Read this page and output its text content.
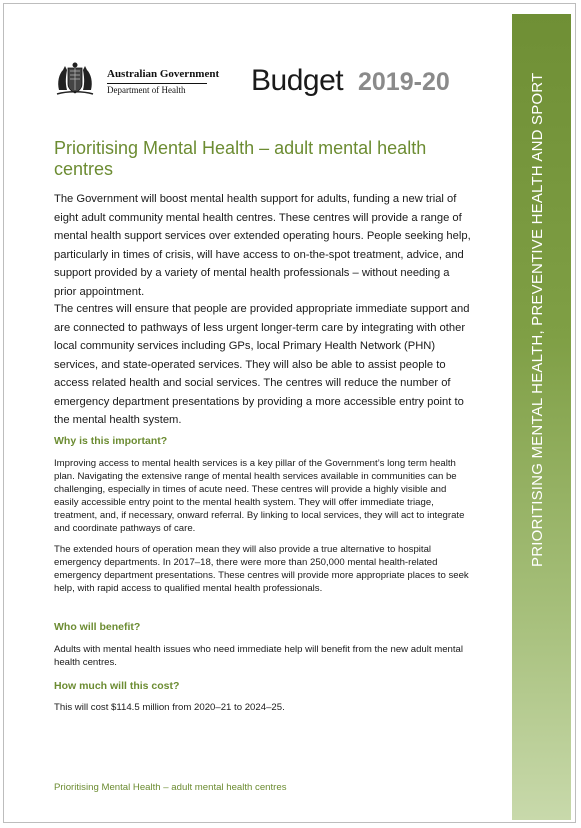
PRIORITISING MENTAL HEALTH, PREVENTIVE HEALTH AND SPORT
Australian Government
Department of Health Budget 2019-20
Prioritising Mental Health – adult mental health centres

The Government will boost mental health support for adults, funding a new trial of eight adult community mental health centres. These centres will provide a range of mental health support services over extended operating hours. People seeking help, particularly in times of crisis, will have access to on-the-spot treatment, advice, and support provided by a variety of mental health professionals – without needing a prior appointment.

The centres will ensure that people are provided appropriate immediate support and are connected to pathways of less urgent longer-term care by integrating with other local community services including GPs, local Primary Health Network (PHN) services, and state-operated services. They will also be able to assist people to access related health and social services. The centres will reduce the number of emergency department presentations by providing a more accessible entry point to the mental health system.

Why is this important?

Improving access to mental health services is a key pillar of the Government’s long term health plan. Navigating the extensive range of mental health services available in communities can be challenging, especially in times of acute need. These centres will provide a highly visible and easily accessible entry point to the mental health system. They will offer immediate triage, treatment, and, if necessary, onward referral. By linking to local services, they will act to integrate and coordinate pathways of care.

The extended hours of operation mean they will also provide a true alternative to hospital emergency departments. In 2017–18, there were more than 250,000 mental health-related emergency department presentations. These centres will provide more appropriate places to seek help, with rapid access to qualified mental health professionals.

Who will benefit?

Adults with mental health issues who need immediate help will benefit from the new adult mental health centres.

How much will this cost?

This will cost $114.5 million from 2020–21 to 2024–25.

Prioritising Mental Health – adult mental health centres
